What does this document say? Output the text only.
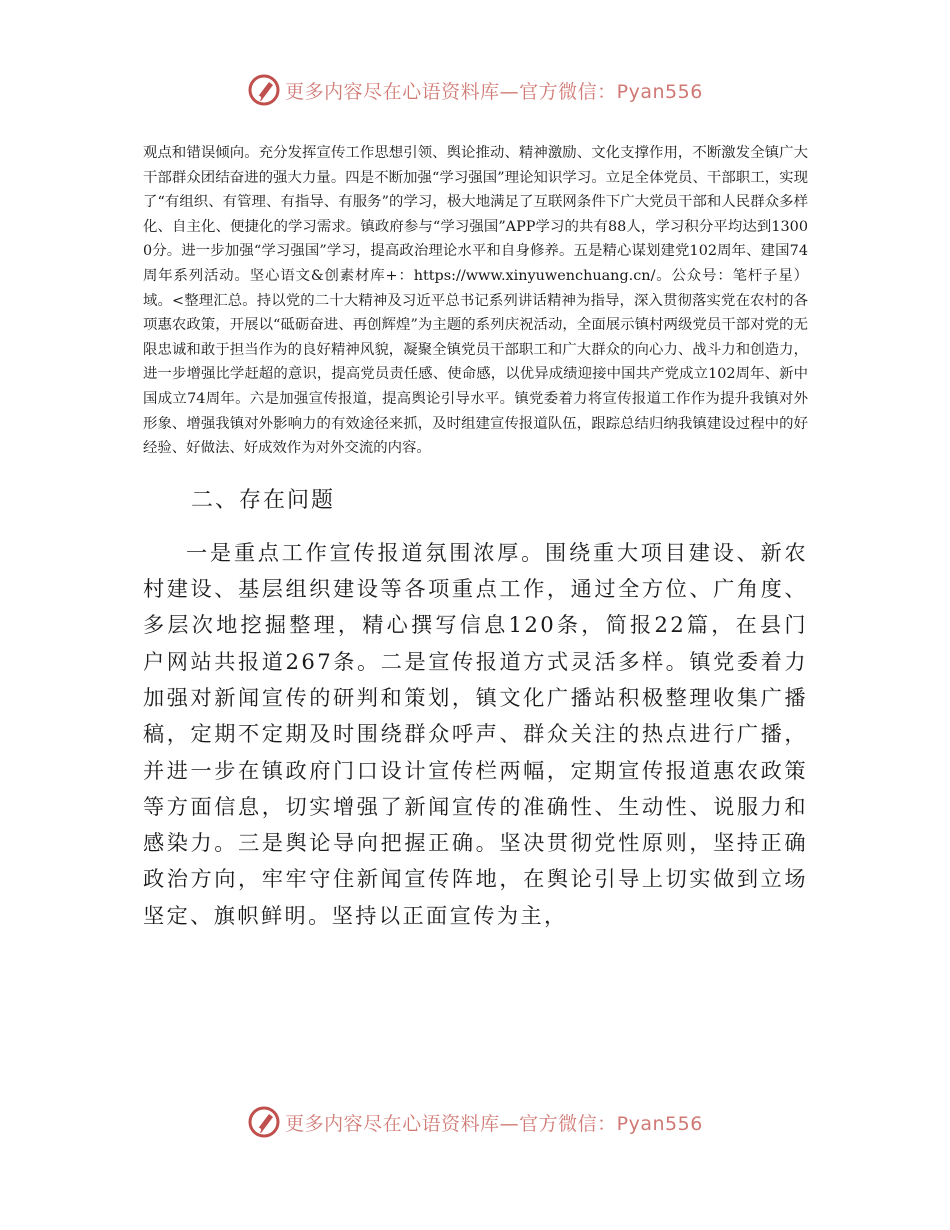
更多内容尽在心语资料库—官方微信：Pyan556

观点和错误倾向。充分发挥宣传工作思想引领、舆论推动、精神激励、文化支撑作用，不断激发全镇广大干部群众团结奋进的强大力量。四是不断加强“学习强国”理论知识学习。立足全体党员、干部职工，实现了“有组织、有管理、有指导、有服务”的学习，极大地满足了互联网条件下广大党员干部和人民群众多样化、自主化、便捷化的学习需求。镇政府参与“学习强国”APP学习的共有88人，学习积分平均达到13000分。进一步加强“学习强国”学习，提高政治理论水平和自身修养。五是精心谋划建党102周年、建国74周年系列活动。坚心语文&创素材库+：https://www.xinyuwenchuang.cn/。公众号：笔杆子星）域。<整理汇总。持以党的二十大精神及习近平总书记系列讲话精神为指导，深入贯彻落实党在农村的各项惠农政策，开展以“砥砺奋进、再创辉煌”为主题的系列庆祝活动，全面展示镇村两级党员干部对党的无限忠诚和敢于担当作为的良好精神风貌，凝聚全镇党员干部职工和广大群众的向心力、战斗力和创造力，进一步增强比学赶超的意识，提高党员责任感、使命感，以优异成绩迎接中国共产党成立102周年、新中国成立74周年。六是加强宣传报道，提高舆论引导水平。镇党委着力将宣传报道工作作为提升我镇对外形象、增强我镇对外影响力的有效途径来抓，及时组建宣传报道队伍，跟踪总结归纳我镇建设过程中的好经验、好做法、好成效作为对外交流的内容。

二、存在问题

一是重点工作宣传报道氛围浓厚。围绕重大项目建设、新农村建设、基层组织建设等各项重点工作，通过全方位、广角度、多层次地挖掘整理，精心撰写信息120条，简报22篇，在县门户网站共报道267条。二是宣传报道方式灵活多样。镇党委着力加强对新闻宣传的研判和策划，镇文化广播站积极整理收集广播稿，定期不定期及时围绕群众呼声、群众关注的热点进行广播，并进一步在镇政府门口设计宣传栏两幅，定期宣传报道惠农政策等方面信息，切实增强了新闻宣传的准确性、生动性、说服力和感染力。三是舆论导向把握正确。坚决贯彻党性原则，坚持正确政治方向，牢牢守住新闻宣传阵地，在舆论引导上切实做到立场坚定、旗帜鲜明。坚持以正面宣传为主，

更多内容尽在心语资料库—官方微信：Pyan556
